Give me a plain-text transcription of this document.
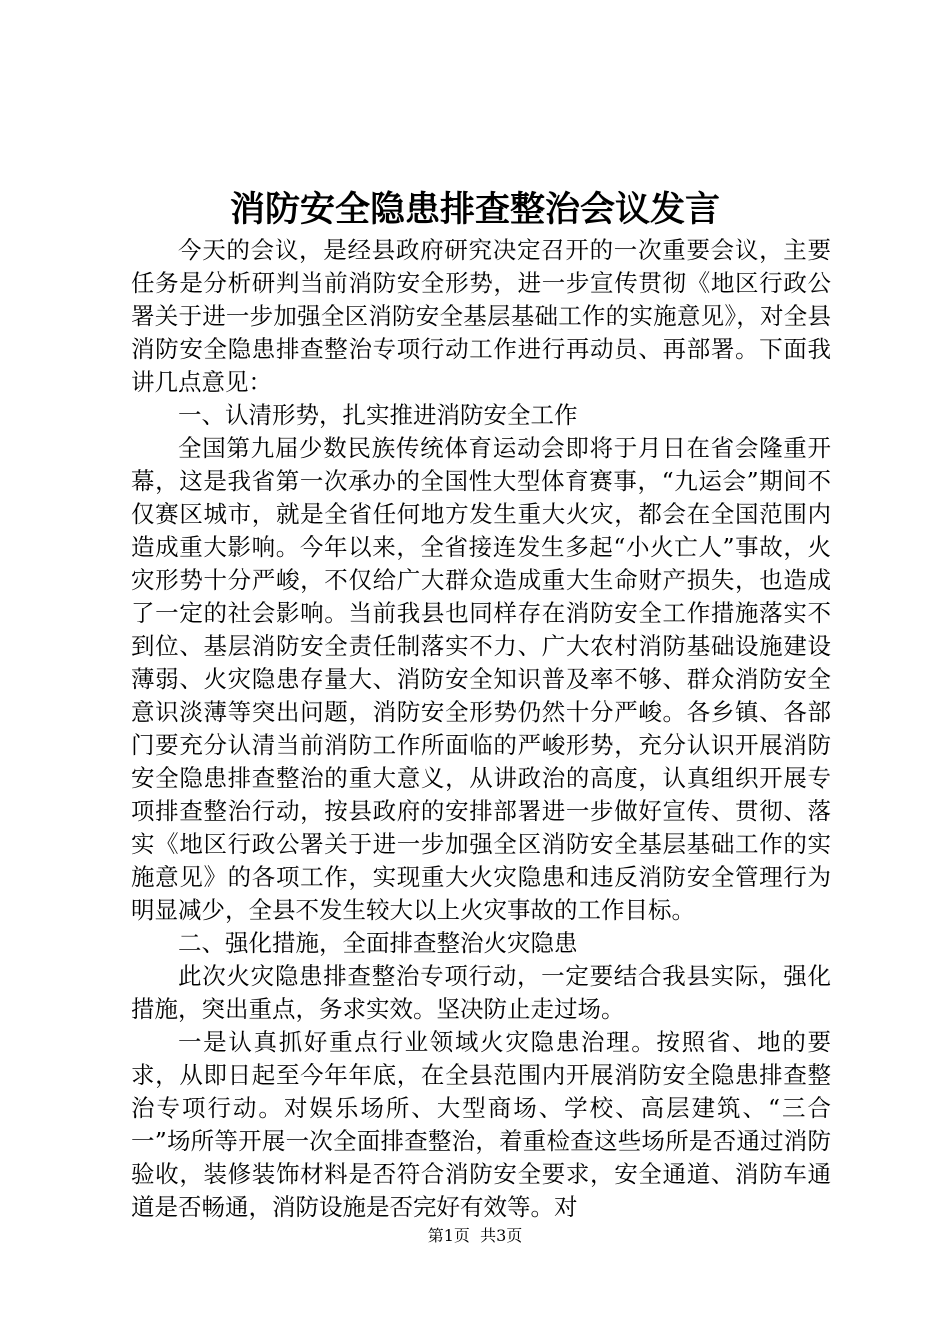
消防安全隐患排查整治会议发言

今天的会议，是经县政府研究决定召开的一次重要会议，主要任务是分析研判当前消防安全形势，进一步宣传贯彻《地区行政公署关于进一步加强全区消防安全基层基础工作的实施意见》，对全县消防安全隐患排查整治专项行动工作进行再动员、再部署。下面我讲几点意见：

一、认清形势，扎实推进消防安全工作

全国第九届少数民族传统体育运动会即将于月日在省会隆重开幕，这是我省第一次承办的全国性大型体育赛事，“九运会”期间不仅赛区城市，就是全省任何地方发生重大火灾，都会在全国范围内造成重大影响。今年以来，全省接连发生多起“小火亡人”事故，火灾形势十分严峻，不仅给广大群众造成重大生命财产损失，也造成了一定的社会影响。当前我县也同样存在消防安全工作措施落实不到位、基层消防安全责任制落实不力、广大农村消防基础设施建设薄弱、火灾隐患存量大、消防安全知识普及率不够、群众消防安全意识淡薄等突出问题，消防安全形势仍然十分严峻。各乡镇、各部门要充分认清当前消防工作所面临的严峻形势，充分认识开展消防安全隐患排查整治的重大意义，从讲政治的高度，认真组织开展专项排查整治行动，按县政府的安排部署进一步做好宣传、贯彻、落实《地区行政公署关于进一步加强全区消防安全基层基础工作的实施意见》的各项工作，实现重大火灾隐患和违反消防安全管理行为明显减少，全县不发生较大以上火灾事故的工作目标。

二、强化措施，全面排查整治火灾隐患

此次火灾隐患排查整治专项行动，一定要结合我县实际，强化措施，突出重点，务求实效。坚决防止走过场。

一是认真抓好重点行业领域火灾隐患治理。按照省、地的要求，从即日起至今年年底，在全县范围内开展消防安全隐患排查整治专项行动。对娱乐场所、大型商场、学校、高层建筑、“三合一”场所等开展一次全面排查整治，着重检查这些场所是否通过消防验收，装修装饰材料是否符合消防安全要求，安全通道、消防车通道是否畅通，消防设施是否完好有效等。对

第1页 共3页
